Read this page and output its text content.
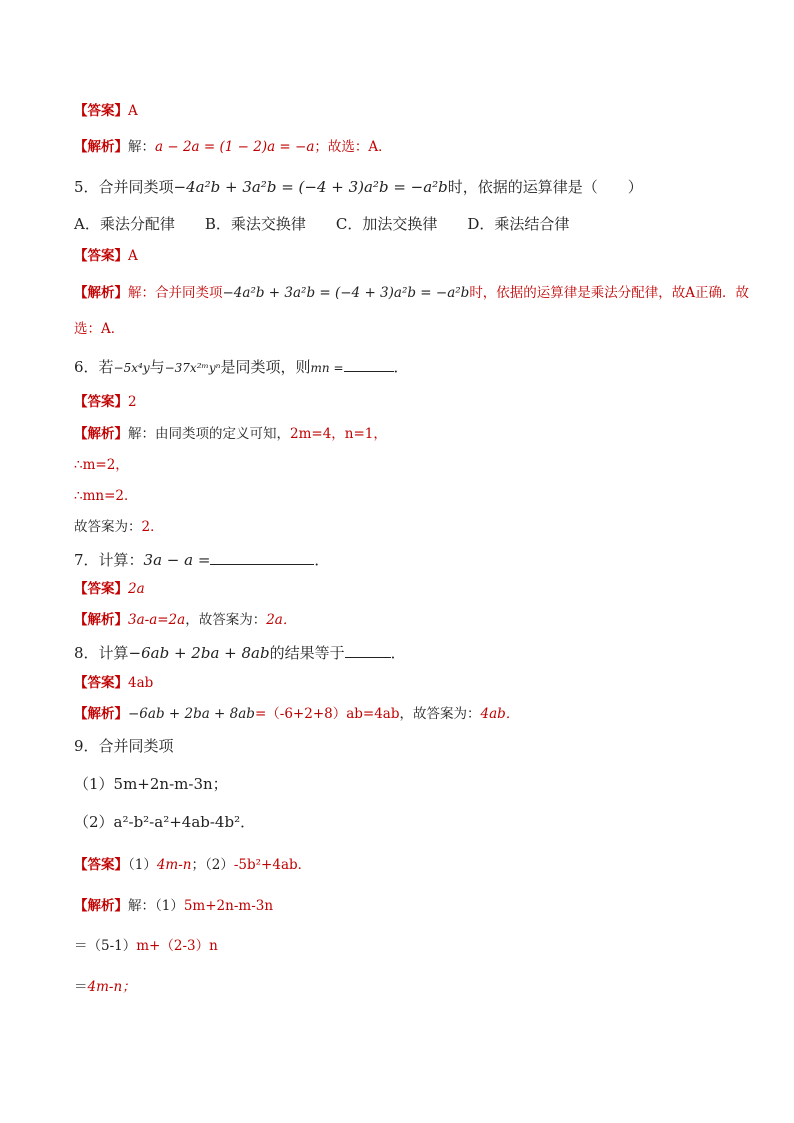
【答案】A
【解析】解：a − 2a = (1 − 2)a = −a；故选：A．
5．合并同类项−4a²b + 3a²b = (−4 + 3)a²b = −a²b时，依据的运算律是（　　）
A．乘法分配律 B．乘法交换律 C．加法交换律 D．乘法结合律
【答案】A
【解析】解：合并同类项−4a²b + 3a²b = (−4 + 3)a²b = −a²b时，依据的运算律是乘法分配律，故A正确．故
选：A．
6．若−5x⁴y与−37x²ᵐyⁿ是同类项，则mn =	．
【答案】2
【解析】解：由同类项的定义可知，2m=4，n=1，
∴m=2，
∴mn=2．
故答案为：2．
7．计算：3a − a =	．
【答案】2a
【解析】3a-a=2a，故答案为：2a．
8．计算−6ab + 2ba + 8ab的结果等于	．
【答案】4ab
【解析】−6ab + 2ba + 8ab=（-6+2+8）ab=4ab，故答案为：4ab．
9．合并同类项
（1）5m+2n-m-3n；
（2）a²-b²-a²+4ab-4b²．
【答案】（1）4m-n；（2）-5b²+4ab．
【解析】解：（1）5m+2n-m-3n
＝（5-1）m+（2-3）n
＝4m-n；
